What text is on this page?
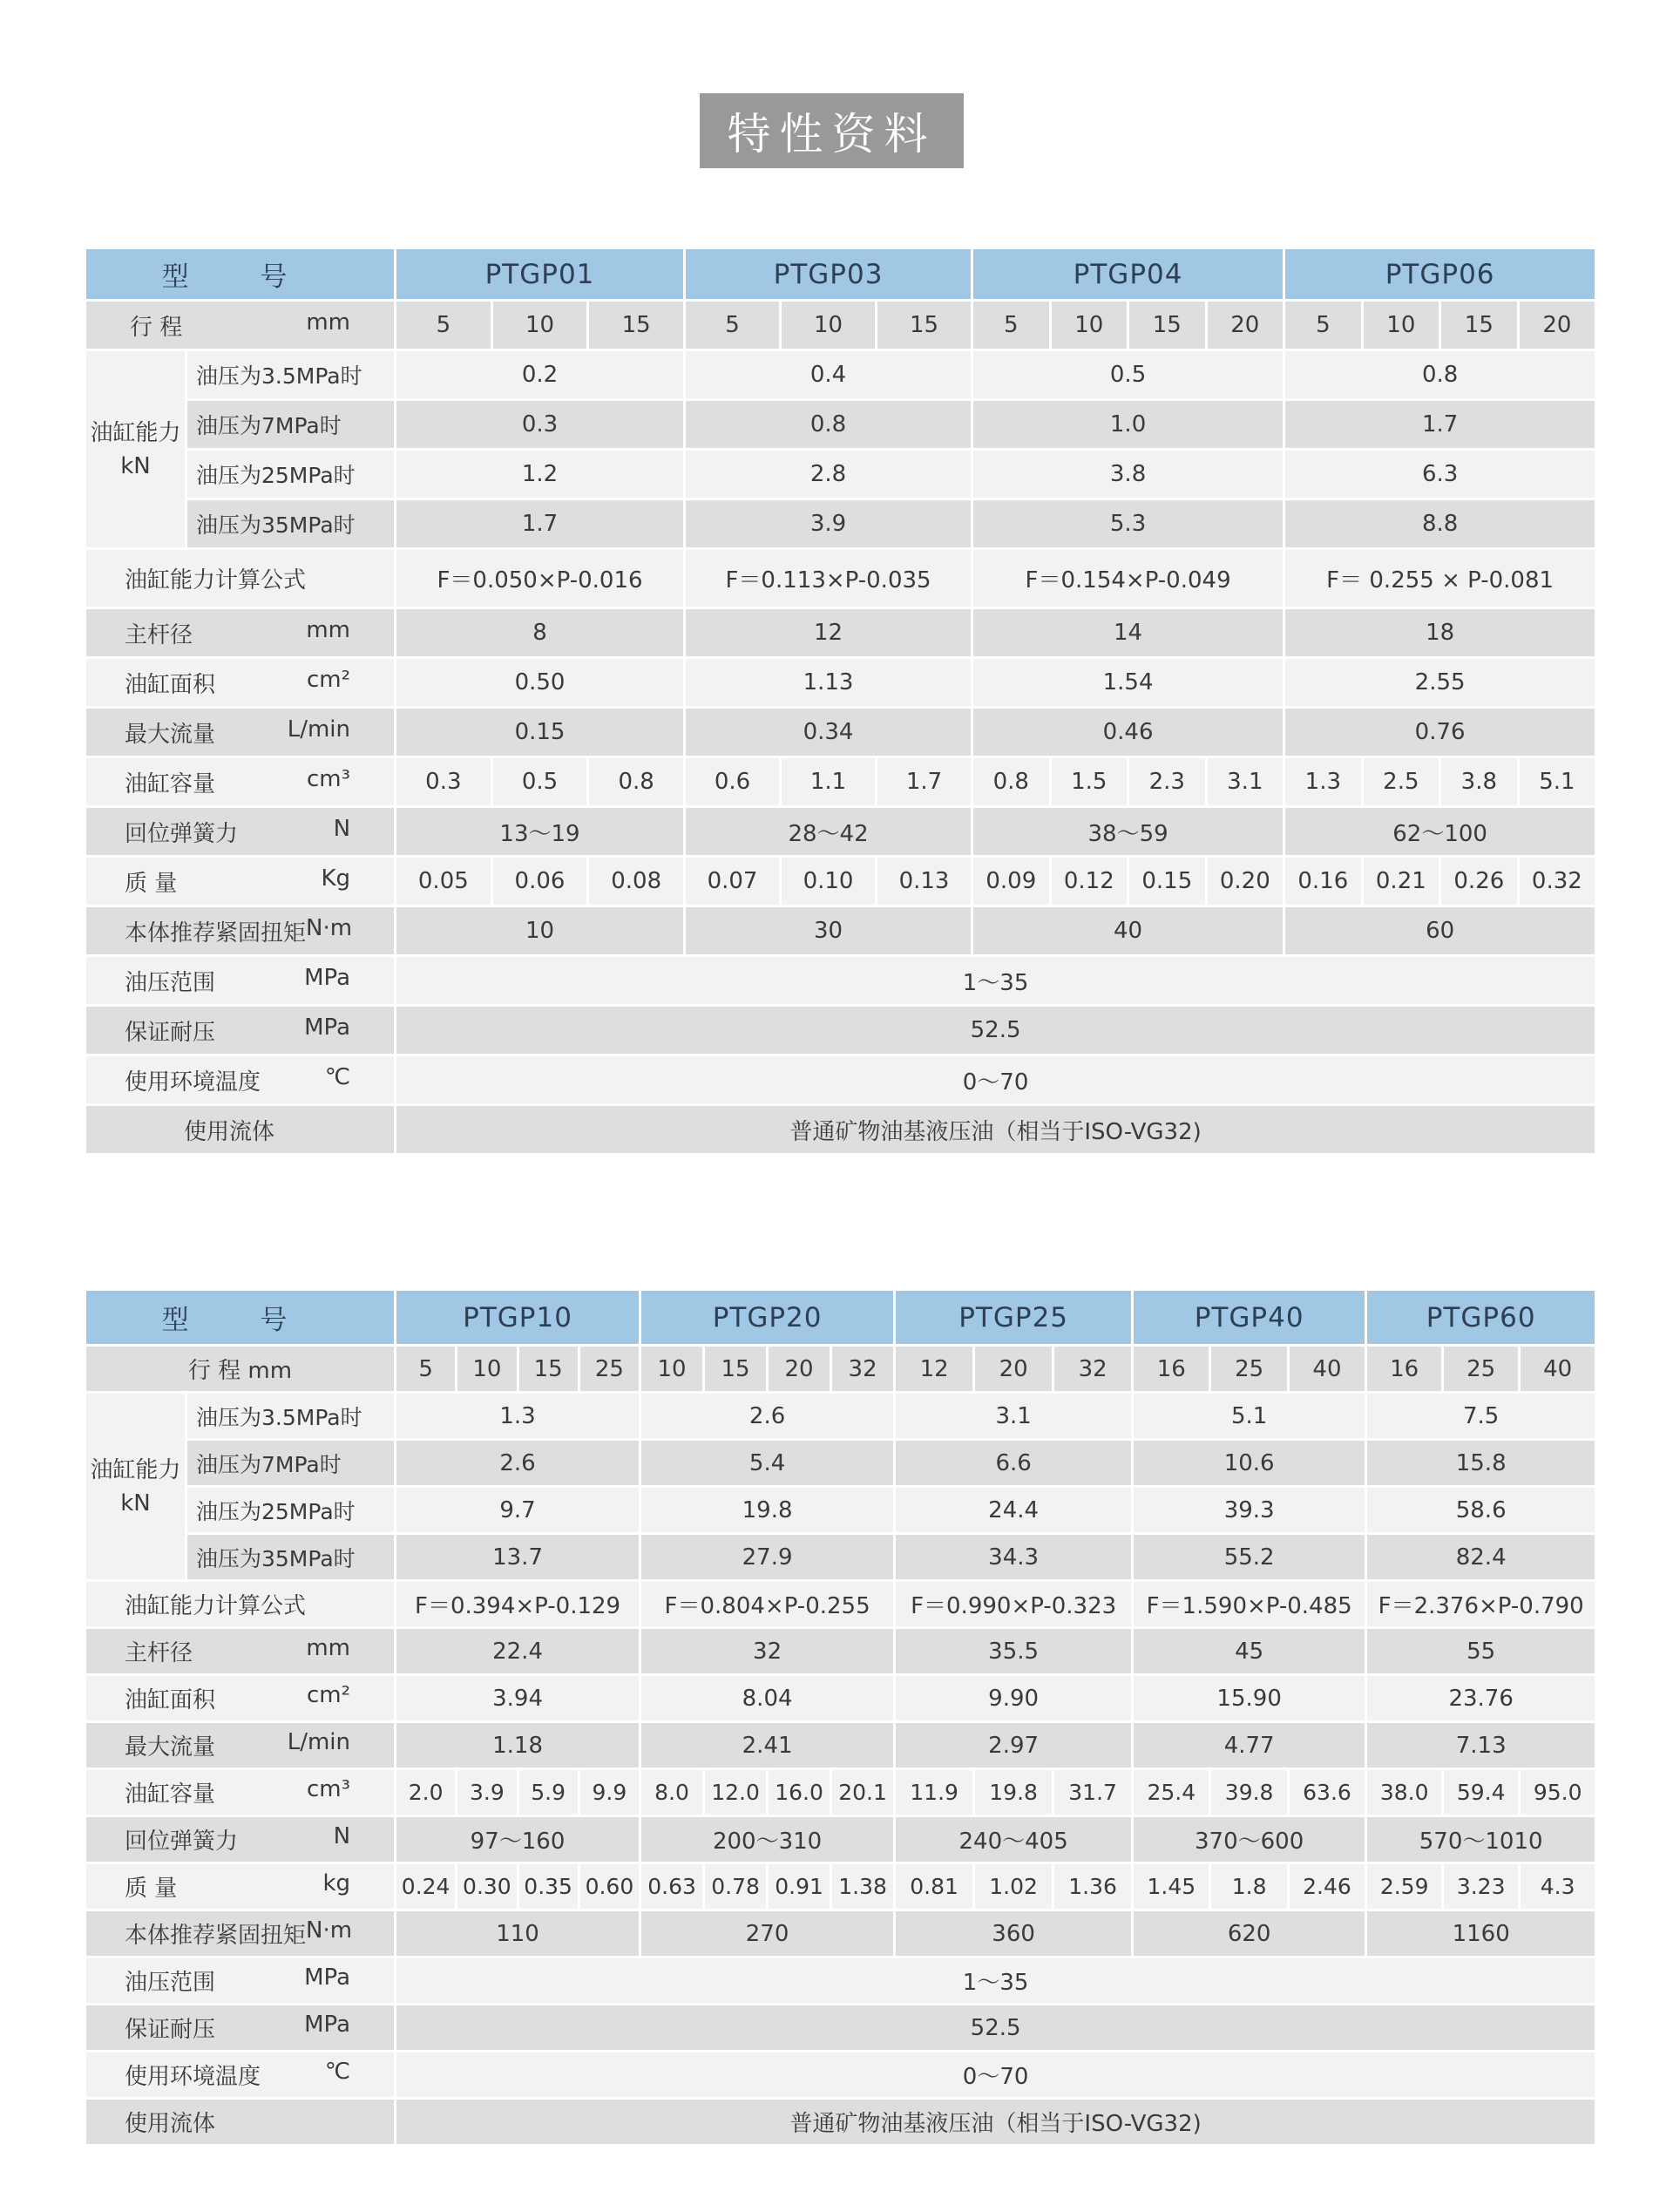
特性资料
型 号		PTGP01			PTGP03			PTGP04				PTGP06			

行 程 mm		5	10	15	5	10	15	5	10	15	20	5	10	15	20

油缸能力
kN	油压为3.5MPa时	0.2			0.4			0.5				0.8			
	油压为7MPa时	0.3			0.8			1.0				1.7			
	油压为25MPa时	1.2			2.8			3.8				6.3			
	油压为35MPa时	1.7			3.9			5.3				8.8			
油缸能力计算公式		F＝0.050×P-0.016			F＝0.113×P-0.035			F＝0.154×P-0.049				F＝ 0.255 × P-0.081			

主杆径 mm		8			12			14				18			

油缸面积 cm²		0.50			1.13			1.54				2.55			

最大流量 L/min		0.15			0.34			0.46				0.76			

油缸容量 cm³		0.3	0.5	0.8	0.6	1.1	1.7	0.8	1.5	2.3	3.1	1.3	2.5	3.8	5.1

回位弹簧力 N		13～19			28～42			38～59				62～100			

质 量 Kg		0.05	0.06	0.08	0.07	0.10	0.13	0.09	0.12	0.15	0.20	0.16	0.21	0.26	0.32

本体推荐紧固扭矩 N·m		10			30			40				60			

油压范围 MPa		1～35													

保证耐压 MPa		52.5													

使用环境温度 ℃		0～70													
使用流体		普通矿物油基液压油（相当于ISO-VG32)													
型 号		PTGP10				PTGP20				PTGP25			PTGP40			PTGP60		
行 程 mm		5	10	15	25	10	15	20	32	12	20	32	16	25	40	16	25	40

油缸能力
kN	油压为3.5MPa时	1.3				2.6				3.1			5.1			7.5		
	油压为7MPa时	2.6				5.4				6.6			10.6			15.8		
	油压为25MPa时	9.7				19.8				24.4			39.3			58.6		
	油压为35MPa时	13.7				27.9				34.3			55.2			82.4		
油缸能力计算公式		F＝0.394×P-0.129				F＝0.804×P-0.255				F＝0.990×P-0.323			F＝1.590×P-0.485			F＝2.376×P-0.790		

主杆径 mm		22.4				32				35.5			45			55		

油缸面积 cm²		3.94				8.04				9.90			15.90			23.76		

最大流量 L/min		1.18				2.41				2.97			4.77			7.13		

油缸容量 cm³		2.0	3.9	5.9	9.9	8.0	12.0	16.0	20.1	11.9	19.8	31.7	25.4	39.8	63.6	38.0	59.4	95.0

回位弹簧力 N		97～160				200～310				240～405			370～600			570～1010		

质 量 kg		0.24	0.30	0.35	0.60	0.63	0.78	0.91	1.38	0.81	1.02	1.36	1.45	1.8	2.46	2.59	3.23	4.3

本体推荐紧固扭矩 N·m		110				270				360			620			1160		

油压范围 MPa		1～35																

保证耐压 MPa		52.5																

使用环境温度 ℃		0～70																
使用流体		普通矿物油基液压油（相当于ISO-VG32)																
